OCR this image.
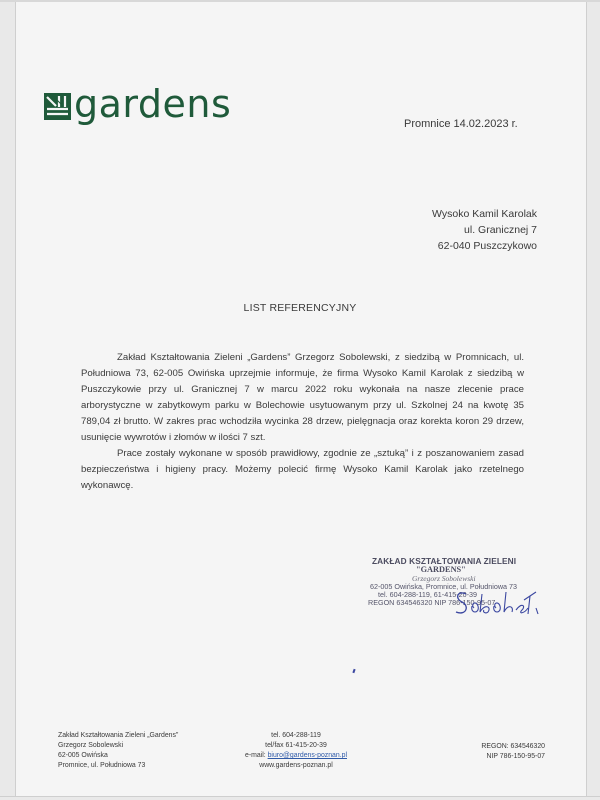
gardens	Promnice 14.02.2023 r.
Wysoko Kamil Karolak
ul. Granicznej 7
62-040 Puszczykowo
LIST REFERENCYJNY
Zakład Kształtowania Zieleni „Gardens” Grzegorz Sobolewski, z siedzibą w Promnicach, ul. Południowa 73, 62-005 Owińska uprzejmie informuje, że firma Wysoko Kamil Karolak z siedzibą w Puszczykowie przy ul. Granicznej 7 w marcu 2022 roku wykonała na nasze zlecenie prace arborystyczne w zabytkowym parku w Bolechowie usytuowanym przy ul. Szkolnej 24 na kwotę 35 789,04 zł brutto. W zakres prac wchodziła wycinka 28 drzew, pielęgnacja oraz korekta koron 29 drzew, usunięcie wywrotów i złomów w ilości 7 szt.
Prace zostały wykonane w sposób prawidłowy, zgodnie ze „sztuką” i z poszanowaniem zasad bezpieczeństwa i higieny pracy. Możemy polecić firmę Wysoko Kamil Karolak jako rzetelnego wykonawcę.
ZAKŁAD KSZTAŁTOWANIA ZIELENI
"GARDENS"
Grzegorz Sobolewski
62-005 Owińska, Promnice, ul. Południowa 73
tel. 604-288-119, 61-415-20-39
REGON 634546320 NIP 786-150-95-07
Zakład Kształtowania Zieleni „Gardens”
Grzegorz Sobolewski
62-005 Owińska
Promnice, ul. Południowa 73
tel. 604-288-119
tel/fax 61-415-20-39
e-mail: biuro@gardens-poznan.pl
www.gardens-poznan.pl
REGON: 634546320
NIP 786-150-95-07
